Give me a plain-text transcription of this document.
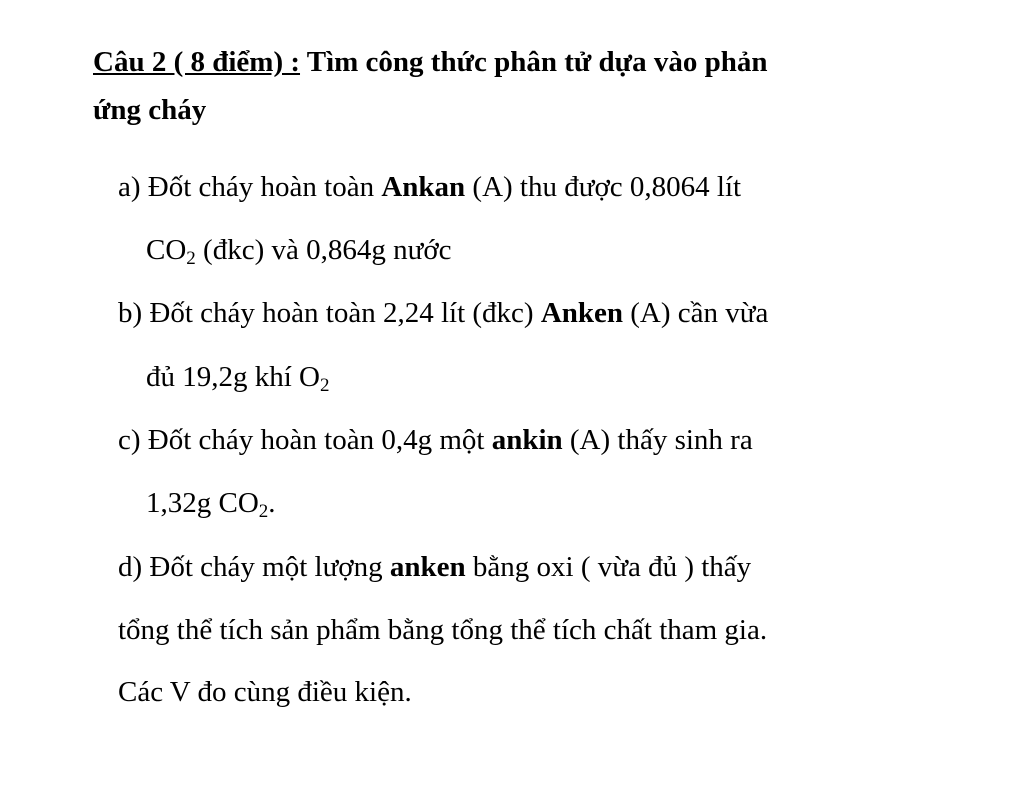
Câu 2 ( 8 điểm) : Tìm công thức phân tử dựa vào phản
ứng cháy
a) Đốt cháy hoàn toàn Ankan (A) thu được 0,8064 lít
CO2 (đkc) và 0,864g nước
b) Đốt cháy hoàn toàn 2,24 lít (đkc) Anken (A) cần vừa
đủ 19,2g khí O2
c) Đốt cháy hoàn toàn 0,4g một ankin (A) thấy sinh ra
1,32g CO2.
d) Đốt cháy một lượng anken bằng oxi ( vừa đủ ) thấy
tổng thể tích sản phẩm bằng tổng thể tích chất tham gia.
Các V đo cùng điều kiện.
